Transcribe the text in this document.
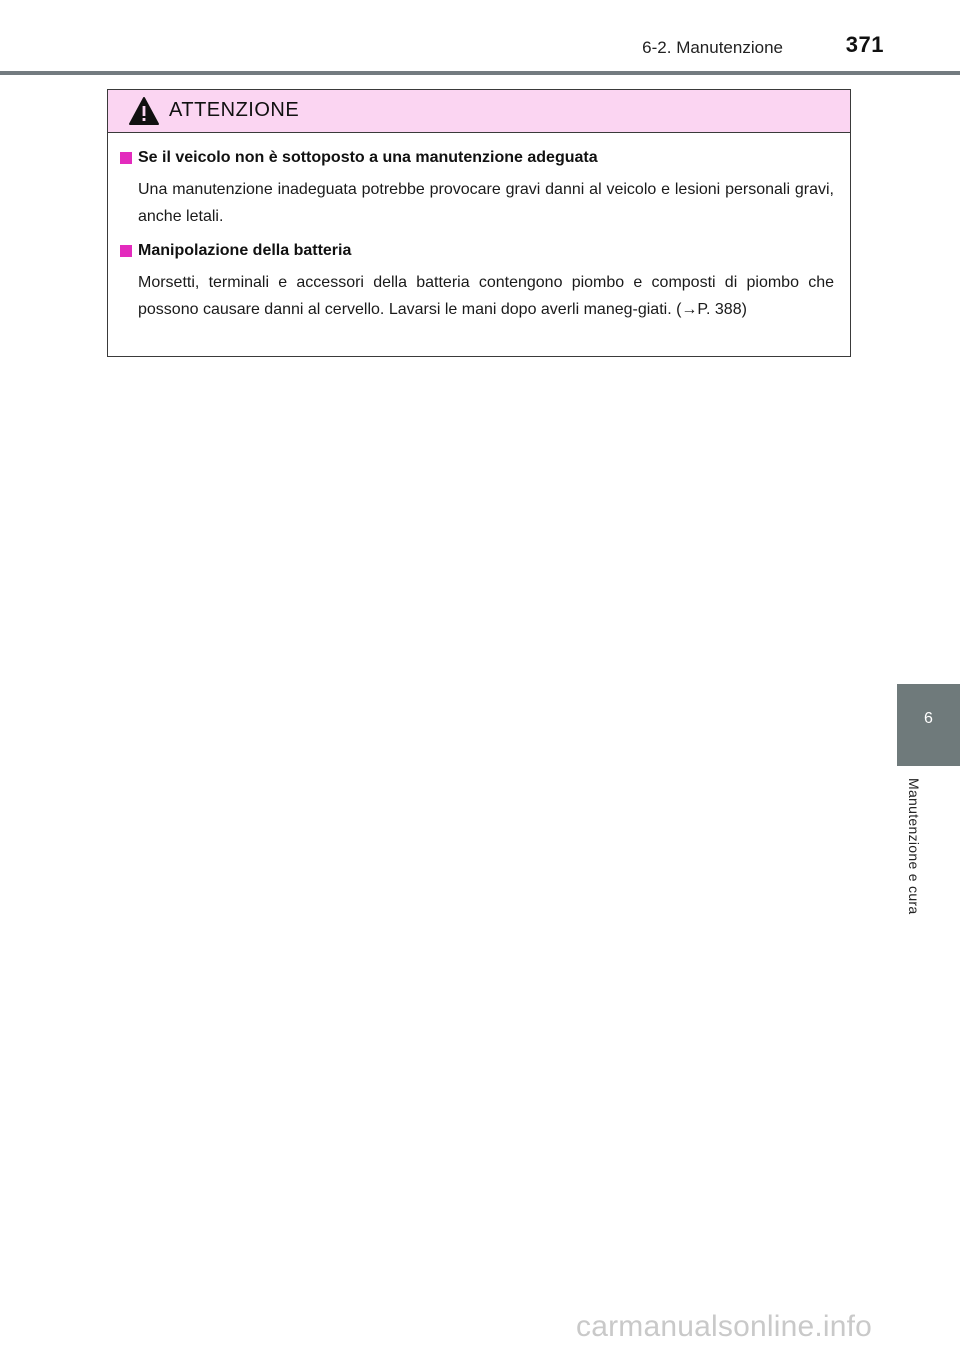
6-2. Manutenzione	371
ATTENZIONE
Se il veicolo non è sottoposto a una manutenzione adeguata
Una manutenzione inadeguata potrebbe provocare gravi danni al veicolo e lesioni personali gravi, anche letali.
Manipolazione della batteria
Morsetti, terminali e accessori della batteria contengono piombo e composti di piombo che possono causare danni al cervello. Lavarsi le mani dopo averli maneg-giati. (→P. 388)
6
Manutenzione e cura
carmanualsonline.info
